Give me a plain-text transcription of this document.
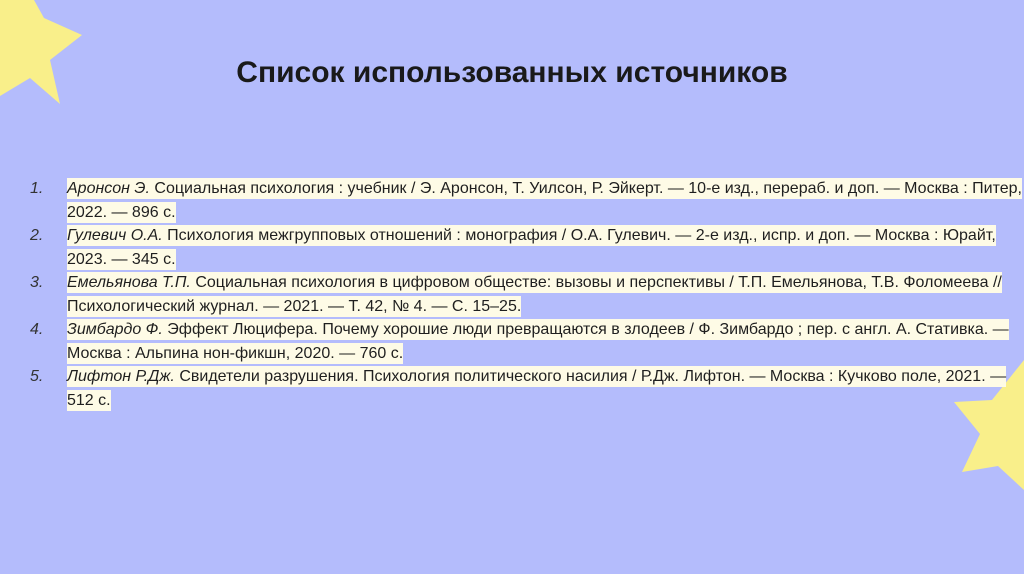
Список использованных источников
1. Аронсон Э. Социальная психология : учебник / Э. Аронсон, Т. Уилсон, Р. Эйкерт. — 10-е изд., перераб. и доп. — Москва : Питер, 2022. — 896 с.
2. Гулевич О.А. Психология межгрупповых отношений : монография / О.А. Гулевич. — 2-е изд., испр. и доп. — Москва : Юрайт, 2023. — 345 с.
3. Емельянова Т.П. Социальная психология в цифровом обществе: вызовы и перспективы / Т.П. Емельянова, Т.В. Фоломеева // Психологический журнал. — 2021. — Т. 42, № 4. — С. 15–25.
4. Зимбардо Ф. Эффект Люцифера. Почему хорошие люди превращаются в злодеев / Ф. Зимбардо ; пер. с англ. А. Стативка. — Москва : Альпина нон-фикшн, 2020. — 760 с.
5. Лифтон Р.Дж. Свидетели разрушения. Психология политического насилия / Р.Дж. Лифтон. — Москва : Кучково поле, 2021. — 512 с.
